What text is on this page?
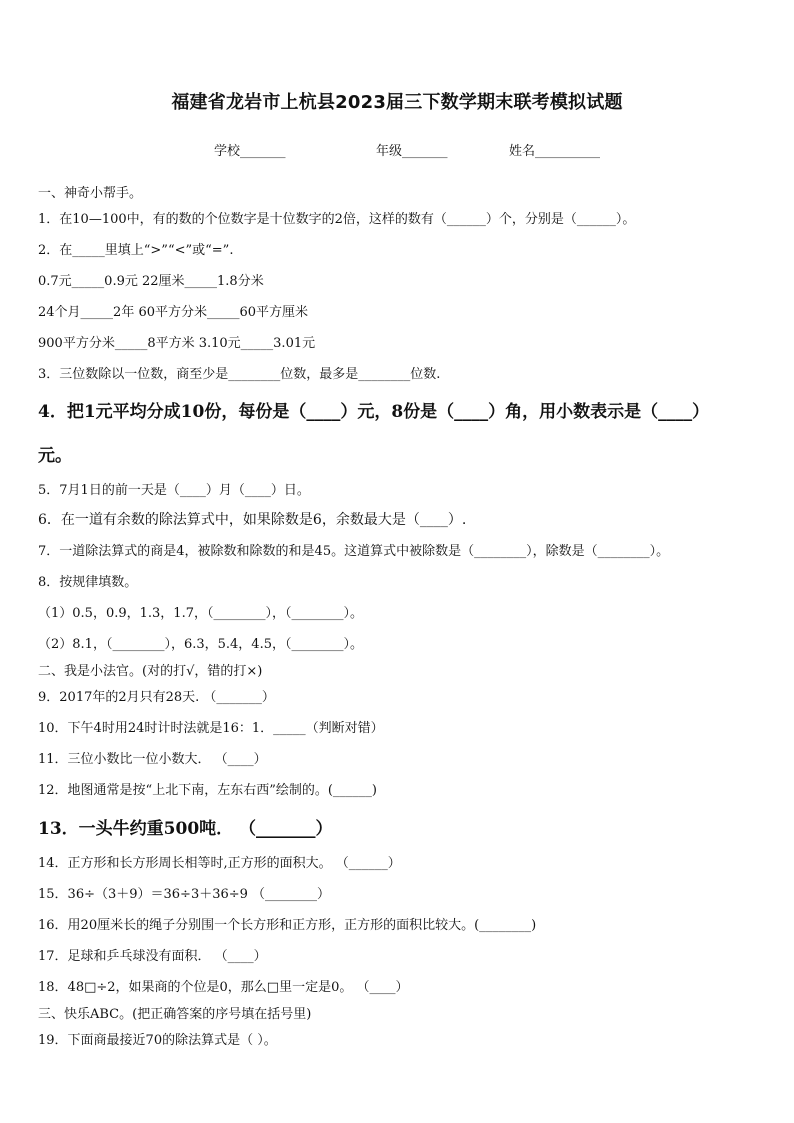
福建省龙岩市上杭县2023届三下数学期末联考模拟试题
学校_______	年级_______	姓名__________
一、神奇小帮手。
1．在10—100中，有的数的个位数字是十位数字的2倍，这样的数有（______）个，分别是（______）。
2．在_____里填上“>”“<”或“=”.
0.7元_____0.9元 22厘米_____1.8分米
24个月_____2年 60平方分米_____60平方厘米
900平方分米_____8平方米 3.10元_____3.01元
3．三位数除以一位数，商至少是________位数，最多是________位数.
4．把1元平均分成10份，每份是（____）元，8份是（____）角，用小数表示是（____）
元。
5．7月1日的前一天是（____）月（____）日。
6．在一道有余数的除法算式中，如果除数是6，余数最大是（____）.
7．一道除法算式的商是4，被除数和除数的和是45。这道算式中被除数是（________），除数是（________）。
8．按规律填数。
（1）0.5，0.9，1.3，1.7，（________），（________）。
（2）8.1，（________），6.3，5.4，4.5，（________）。
二、我是小法官。(对的打√，错的打×)
9．2017年的2月只有28天. （_______）
10．下午4时用24时计时法就是16：1．_____（判断对错）
11．三位小数比一位小数大． （____）
12．地图通常是按“上北下南，左东右西”绘制的。(______)
13．一头牛约重500吨． （_______）
14．正方形和长方形周长相等时,正方形的面积大。 （______）
15．36÷（3＋9）＝36÷3＋36÷9 （________）
16．用20厘米长的绳子分别围一个长方形和正方形，正方形的面积比较大。(________)
17．足球和乒乓球没有面积． （____）
18．48□÷2，如果商的个位是0，那么□里一定是0。 （____）
三、快乐ABC。(把正确答案的序号填在括号里)
19．下面商最接近70的除法算式是（ ）。
